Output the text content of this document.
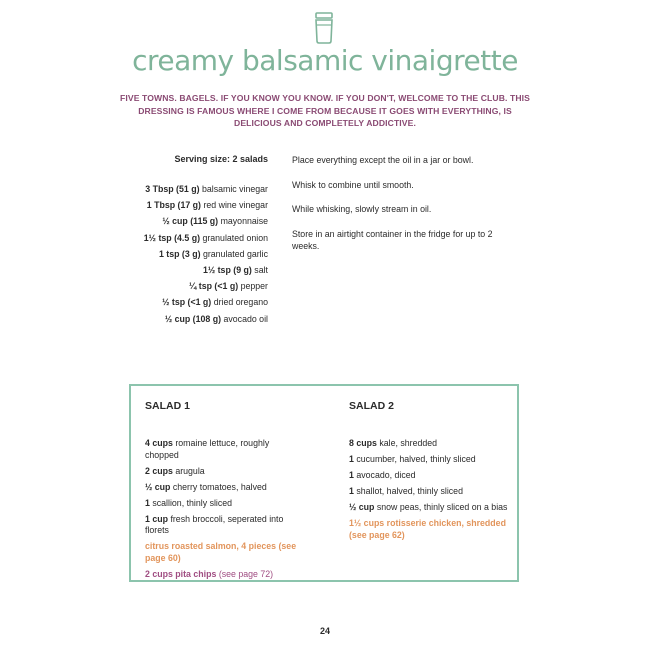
creamy balsamic vinaigrette
FIVE TOWNS. BAGELS. IF YOU KNOW YOU KNOW. IF YOU DON'T, WELCOME TO THE CLUB. THIS DRESSING IS FAMOUS WHERE I COME FROM BECAUSE IT GOES WITH EVERYTHING, IS DELICIOUS AND COMPLETELY ADDICTIVE.
Serving size: 2 salads
3 Tbsp (51 g) balsamic vinegar
1 Tbsp (17 g) red wine vinegar
½ cup (115 g) mayonnaise
1½ tsp (4.5 g) granulated onion
1 tsp (3 g) granulated garlic
1½ tsp (9 g) salt
¼ tsp (<1 g) pepper
½ tsp (<1 g) dried oregano
½ cup (108 g) avocado oil
Place everything except the oil in a jar or bowl.
Whisk to combine until smooth.
While whisking, slowly stream in oil.
Store in an airtight container in the fridge for up to 2 weeks.
SALAD 1
4 cups romaine lettuce, roughly chopped
2 cups arugula
½ cup cherry tomatoes, halved
1 scallion, thinly sliced
1 cup fresh broccoli, seperated into florets
citrus roasted salmon, 4 pieces (see page 60)
2 cups pita chips (see page 72)
SALAD 2
8 cups kale, shredded
1 cucumber, halved, thinly sliced
1 avocado, diced
1 shallot, halved, thinly sliced
½ cup snow peas, thinly sliced on a bias
1½ cups rotisserie chicken, shredded (see page 62)
24
